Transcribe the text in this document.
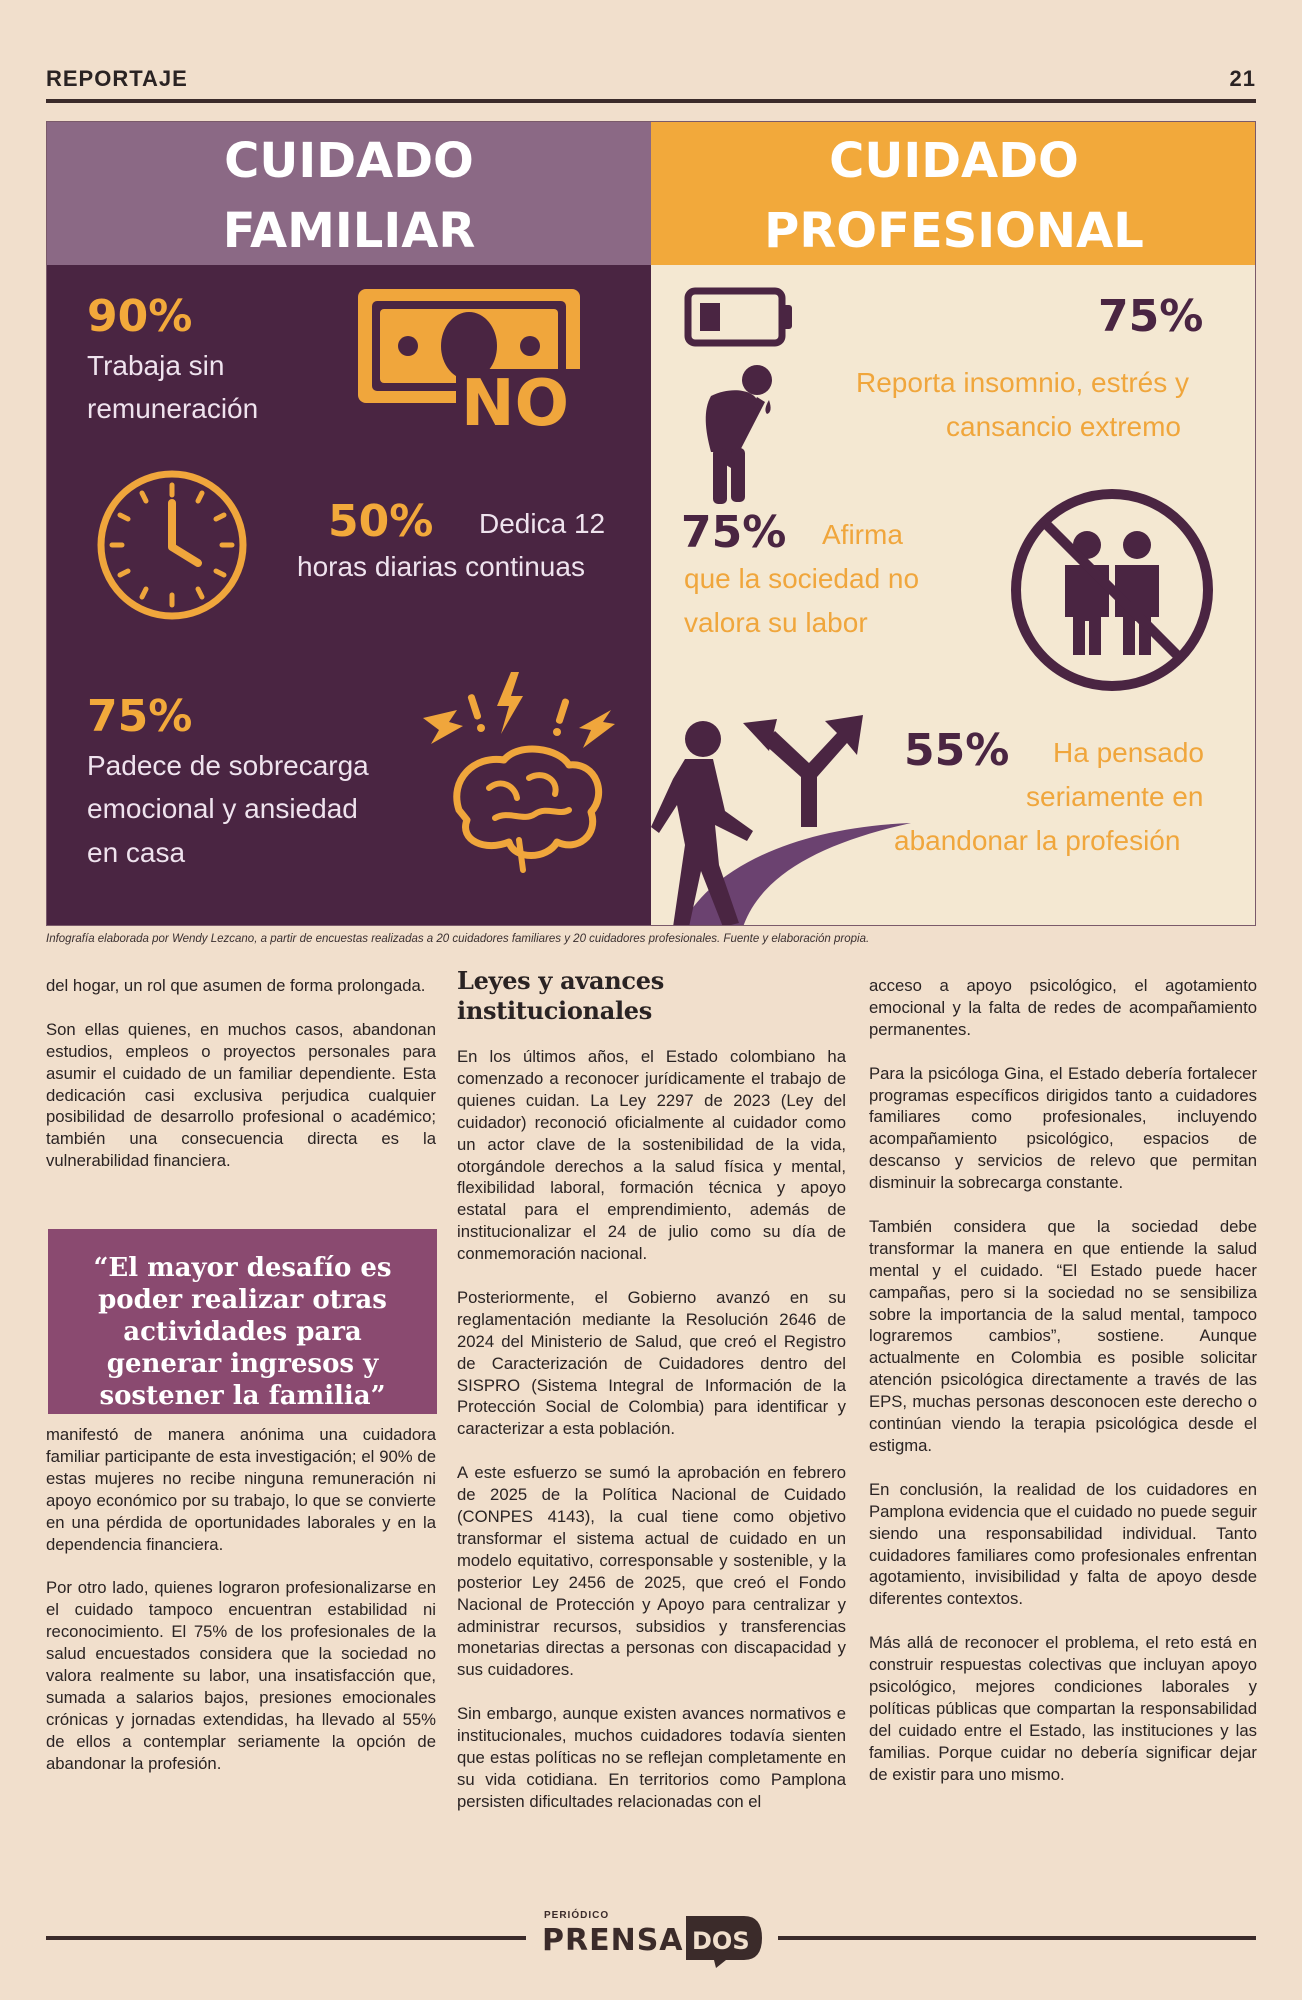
REPORTAJE	21
CUIDADO
FAMILIAR
CUIDADO
PROFESIONAL
90%
Trabaja sin
remuneración	NO
50% Dedica 12
horas diarias continuas
75%
Padece de sobrecarga
emocional y ansiedad
en casa
75%
Reporta insomnio, estrés y
cansancio extremo
75% Afirma
que la sociedad no
valora su labor
55% Ha pensado
seriamente en
abandonar la profesión
Infografía elaborada por Wendy Lezcano, a partir de encuestas realizadas a 20 cuidadores familiares y 20 cuidadores profesionales. Fuente y elaboración propia.

del hogar, un rol que asumen de forma prolongada.

Son ellas quienes, en muchos casos, abandonan estudios, empleos o proyectos personales para asumir el cuidado de un familiar dependiente. Esta dedicación casi exclusiva perjudica cualquier posibilidad de desarrollo profesional o académico; también una consecuencia directa es la vulnerabilidad financiera.

“El mayor desafío es poder realizar otras actividades para generar ingresos y sostener la familia”

manifestó de manera anónima una cuidadora familiar participante de esta investigación; el 90% de estas mujeres no recibe ninguna remuneración ni apoyo económico por su trabajo, lo que se convierte en una pérdida de oportunidades laborales y en la dependencia financiera.

Por otro lado, quienes lograron profesionalizarse en el cuidado tampoco encuentran estabilidad ni reconocimiento. El 75% de los profesionales de la salud encuestados considera que la sociedad no valora realmente su labor, una insatisfacción que, sumada a salarios bajos, presiones emocionales crónicas y jornadas extendidas, ha llevado al 55% de ellos a contemplar seriamente la opción de abandonar la profesión.

Leyes y avances institucionales

En los últimos años, el Estado colombiano ha comenzado a reconocer jurídicamente el trabajo de quienes cuidan. La Ley 2297 de 2023 (Ley del cuidador) reconoció oficialmente al cuidador como un actor clave de la sostenibilidad de la vida, otorgándole derechos a la salud física y mental, flexibilidad laboral, formación técnica y apoyo estatal para el emprendimiento, además de institucionalizar el 24 de julio como su día de conmemoración nacional.

Posteriormente, el Gobierno avanzó en su reglamentación mediante la Resolución 2646 de 2024 del Ministerio de Salud, que creó el Registro de Caracterización de Cuidadores dentro del SISPRO (Sistema Integral de Información de la Protección Social de Colombia) para identificar y caracterizar a esta población.

A este esfuerzo se sumó la aprobación en febrero de 2025 de la Política Nacional de Cuidado (CONPES 4143), la cual tiene como objetivo transformar el sistema actual de cuidado en un modelo equitativo, corresponsable y sostenible, y la posterior Ley 2456 de 2025, que creó el Fondo Nacional de Protección y Apoyo para centralizar y administrar recursos, subsidios y transferencias monetarias directas a personas con discapacidad y sus cuidadores.

Sin embargo, aunque existen avances normativos e institucionales, muchos cuidadores todavía sienten que estas políticas no se reflejan completamente en su vida cotidiana. En territorios como Pamplona persisten dificultades relacionadas con el

acceso a apoyo psicológico, el agotamiento emocional y la falta de redes de acompañamiento permanentes.

Para la psicóloga Gina, el Estado debería fortalecer programas específicos dirigidos tanto a cuidadores familiares como profesionales, incluyendo acompañamiento psicológico, espacios de descanso y servicios de relevo que permitan disminuir la sobrecarga constante.

También considera que la sociedad debe transformar la manera en que entiende la salud mental y el cuidado. “El Estado puede hacer campañas, pero si la sociedad no se sensibiliza sobre la importancia de la salud mental, tampoco lograremos cambios”, sostiene. Aunque actualmente en Colombia es posible solicitar atención psicológica directamente a través de las EPS, muchas personas desconocen este derecho o continúan viendo la terapia psicológica desde el estigma.

En conclusión, la realidad de los cuidadores en Pamplona evidencia que el cuidado no puede seguir siendo una responsabilidad individual. Tanto cuidadores familiares como profesionales enfrentan agotamiento, invisibilidad y falta de apoyo desde diferentes contextos.

Más allá de reconocer el problema, el reto está en construir respuestas colectivas que incluyan apoyo psicológico, mejores condiciones laborales y políticas públicas que compartan la responsabilidad del cuidado entre el Estado, las instituciones y las familias. Porque cuidar no debería significar dejar de existir para uno mismo.

PERIÓDICO
PRENSA DOS
